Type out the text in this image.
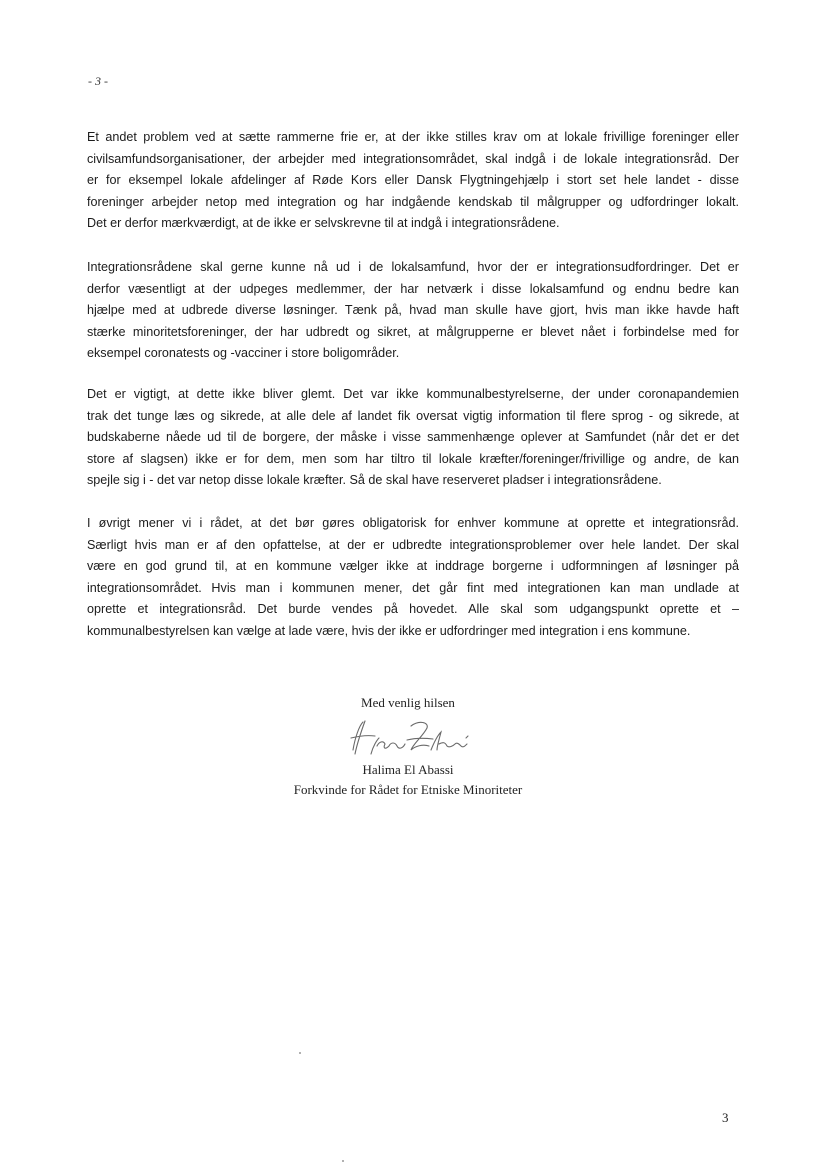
- 3 -

Et andet problem ved at sætte rammerne frie er, at der ikke stilles krav om at lokale frivillige foreninger eller
civilsamfundsorganisationer, der arbejder med integrationsområdet, skal indgå i de lokale integrationsråd. Der
er for eksempel lokale afdelinger af Røde Kors eller Dansk Flygtningehjælp i stort set hele landet - disse
foreninger arbejder netop med integration og har indgående kendskab til målgrupper og udfordringer lokalt.
Det er derfor mærkværdigt, at de ikke er selvskrevne til at indgå i integrationsrådene.

Integrationsrådene skal gerne kunne nå ud i de lokalsamfund, hvor der er integrationsudfordringer. Det er
derfor væsentligt at der udpeges medlemmer, der har netværk i disse lokalsamfund og endnu bedre kan
hjælpe med at udbrede diverse løsninger. Tænk på, hvad man skulle have gjort, hvis man ikke havde haft
stærke minoritetsforeninger, der har udbredt og sikret, at målgrupperne er blevet nået i forbindelse med for
eksempel coronatests og -vacciner i store boligområder.

Det er vigtigt, at dette ikke bliver glemt. Det var ikke kommunalbestyrelserne, der under coronapandemien
trak det tunge læs og sikrede, at alle dele af landet fik oversat vigtig information til flere sprog - og sikrede, at
budskaberne nåede ud til de borgere, der måske i visse sammenhænge oplever at Samfundet (når det er det
store af slagsen) ikke er for dem, men som har tiltro til lokale kræfter/foreninger/frivillige og andre, de kan
spejle sig i - det var netop disse lokale kræfter. Så de skal have reserveret pladser i integrationsrådene.

I øvrigt mener vi i rådet, at det bør gøres obligatorisk for enhver kommune at oprette et integrationsråd.
Særligt hvis man er af den opfattelse, at der er udbredte integrationsproblemer over hele landet. Der skal
være en god grund til, at en kommune vælger ikke at inddrage borgerne i udformningen af løsninger på
integrationsområdet. Hvis man i kommunen mener, det går fint med integrationen kan man undlade at
oprette et integrationsråd. Det burde vendes på hovedet. Alle skal som udgangspunkt oprette et –
kommunalbestyrelsen kan vælge at lade være, hvis der ikke er udfordringer med integration i ens kommune.

Med venlig hilsen
Halima El Abassi
Forkvinde for Rådet for Etniske Minoriteter
3
